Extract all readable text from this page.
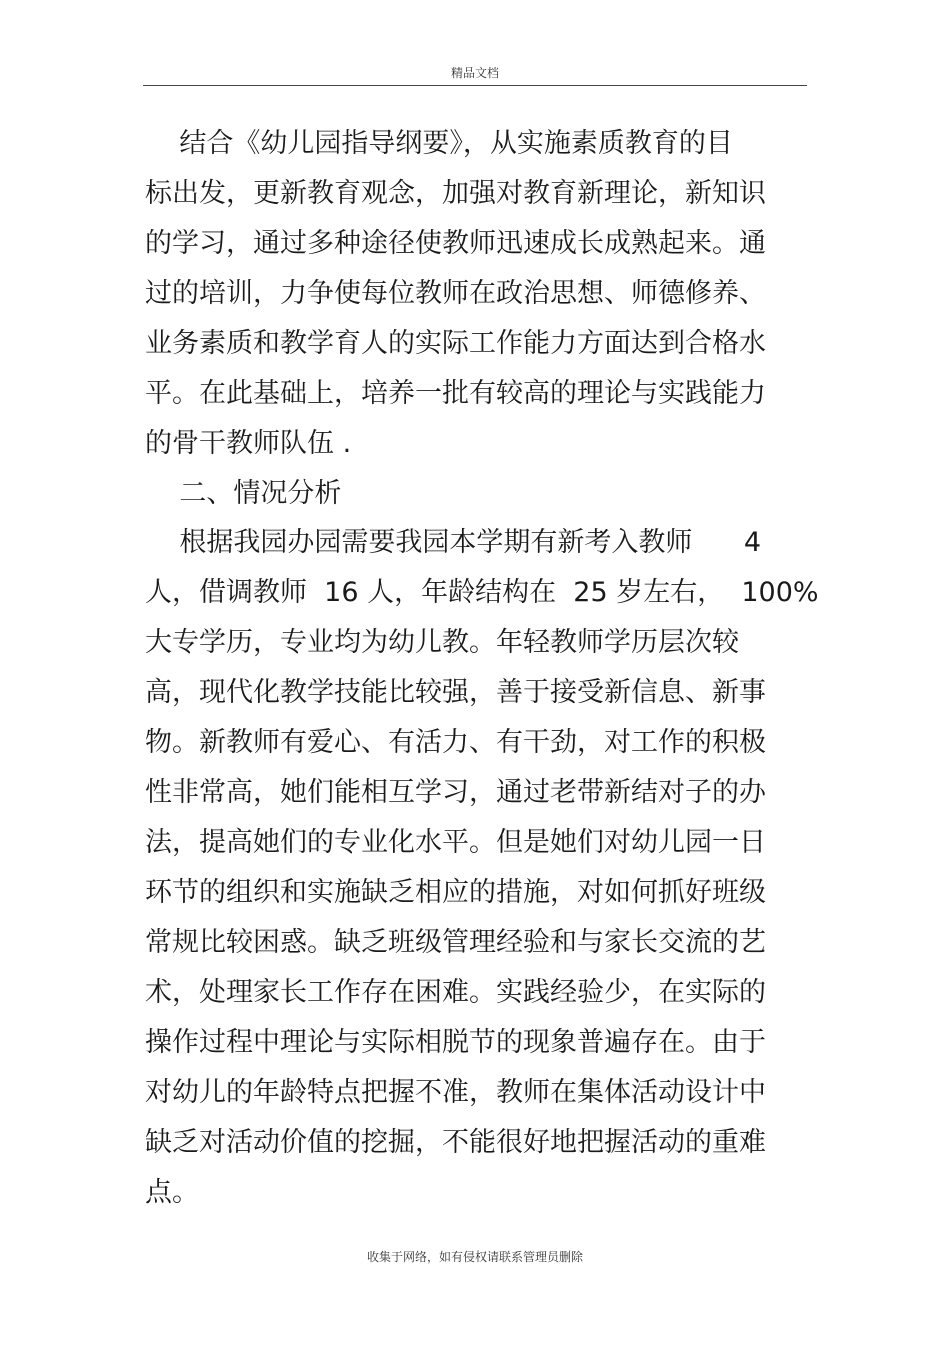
精品文档
结合《幼儿园指导纲要》，从实施素质教育的目
标出发，更新教育观念，加强对教育新理论，新知识
的学习，通过多种途径使教师迅速成长成熟起来。通
过的培训，力争使每位教师在政治思想、师德修养、
业务素质和教学育人的实际工作能力方面达到合格水
平。在此基础上，培养一批有较高的理论与实践能力
的骨干教师队伍 .
二、情况分析
根据我园办园需要我园本学期有新考入教师      4
人，借调教师  16 人，年龄结构在  25 岁左右，  100%
大专学历，专业均为幼儿教。年轻教师学历层次较
高，现代化教学技能比较强，善于接受新信息、新事
物。新教师有爱心、有活力、有干劲，对工作的积极
性非常高，她们能相互学习，通过老带新结对子的办
法，提高她们的专业化水平。但是她们对幼儿园一日
环节的组织和实施缺乏相应的措施，对如何抓好班级
常规比较困惑。缺乏班级管理经验和与家长交流的艺
术，处理家长工作存在困难。实践经验少，在实际的
操作过程中理论与实际相脱节的现象普遍存在。由于
对幼儿的年龄特点把握不准，教师在集体活动设计中
缺乏对活动价值的挖掘，不能很好地把握活动的重难
点。
收集于网络，如有侵权请联系管理员删除
